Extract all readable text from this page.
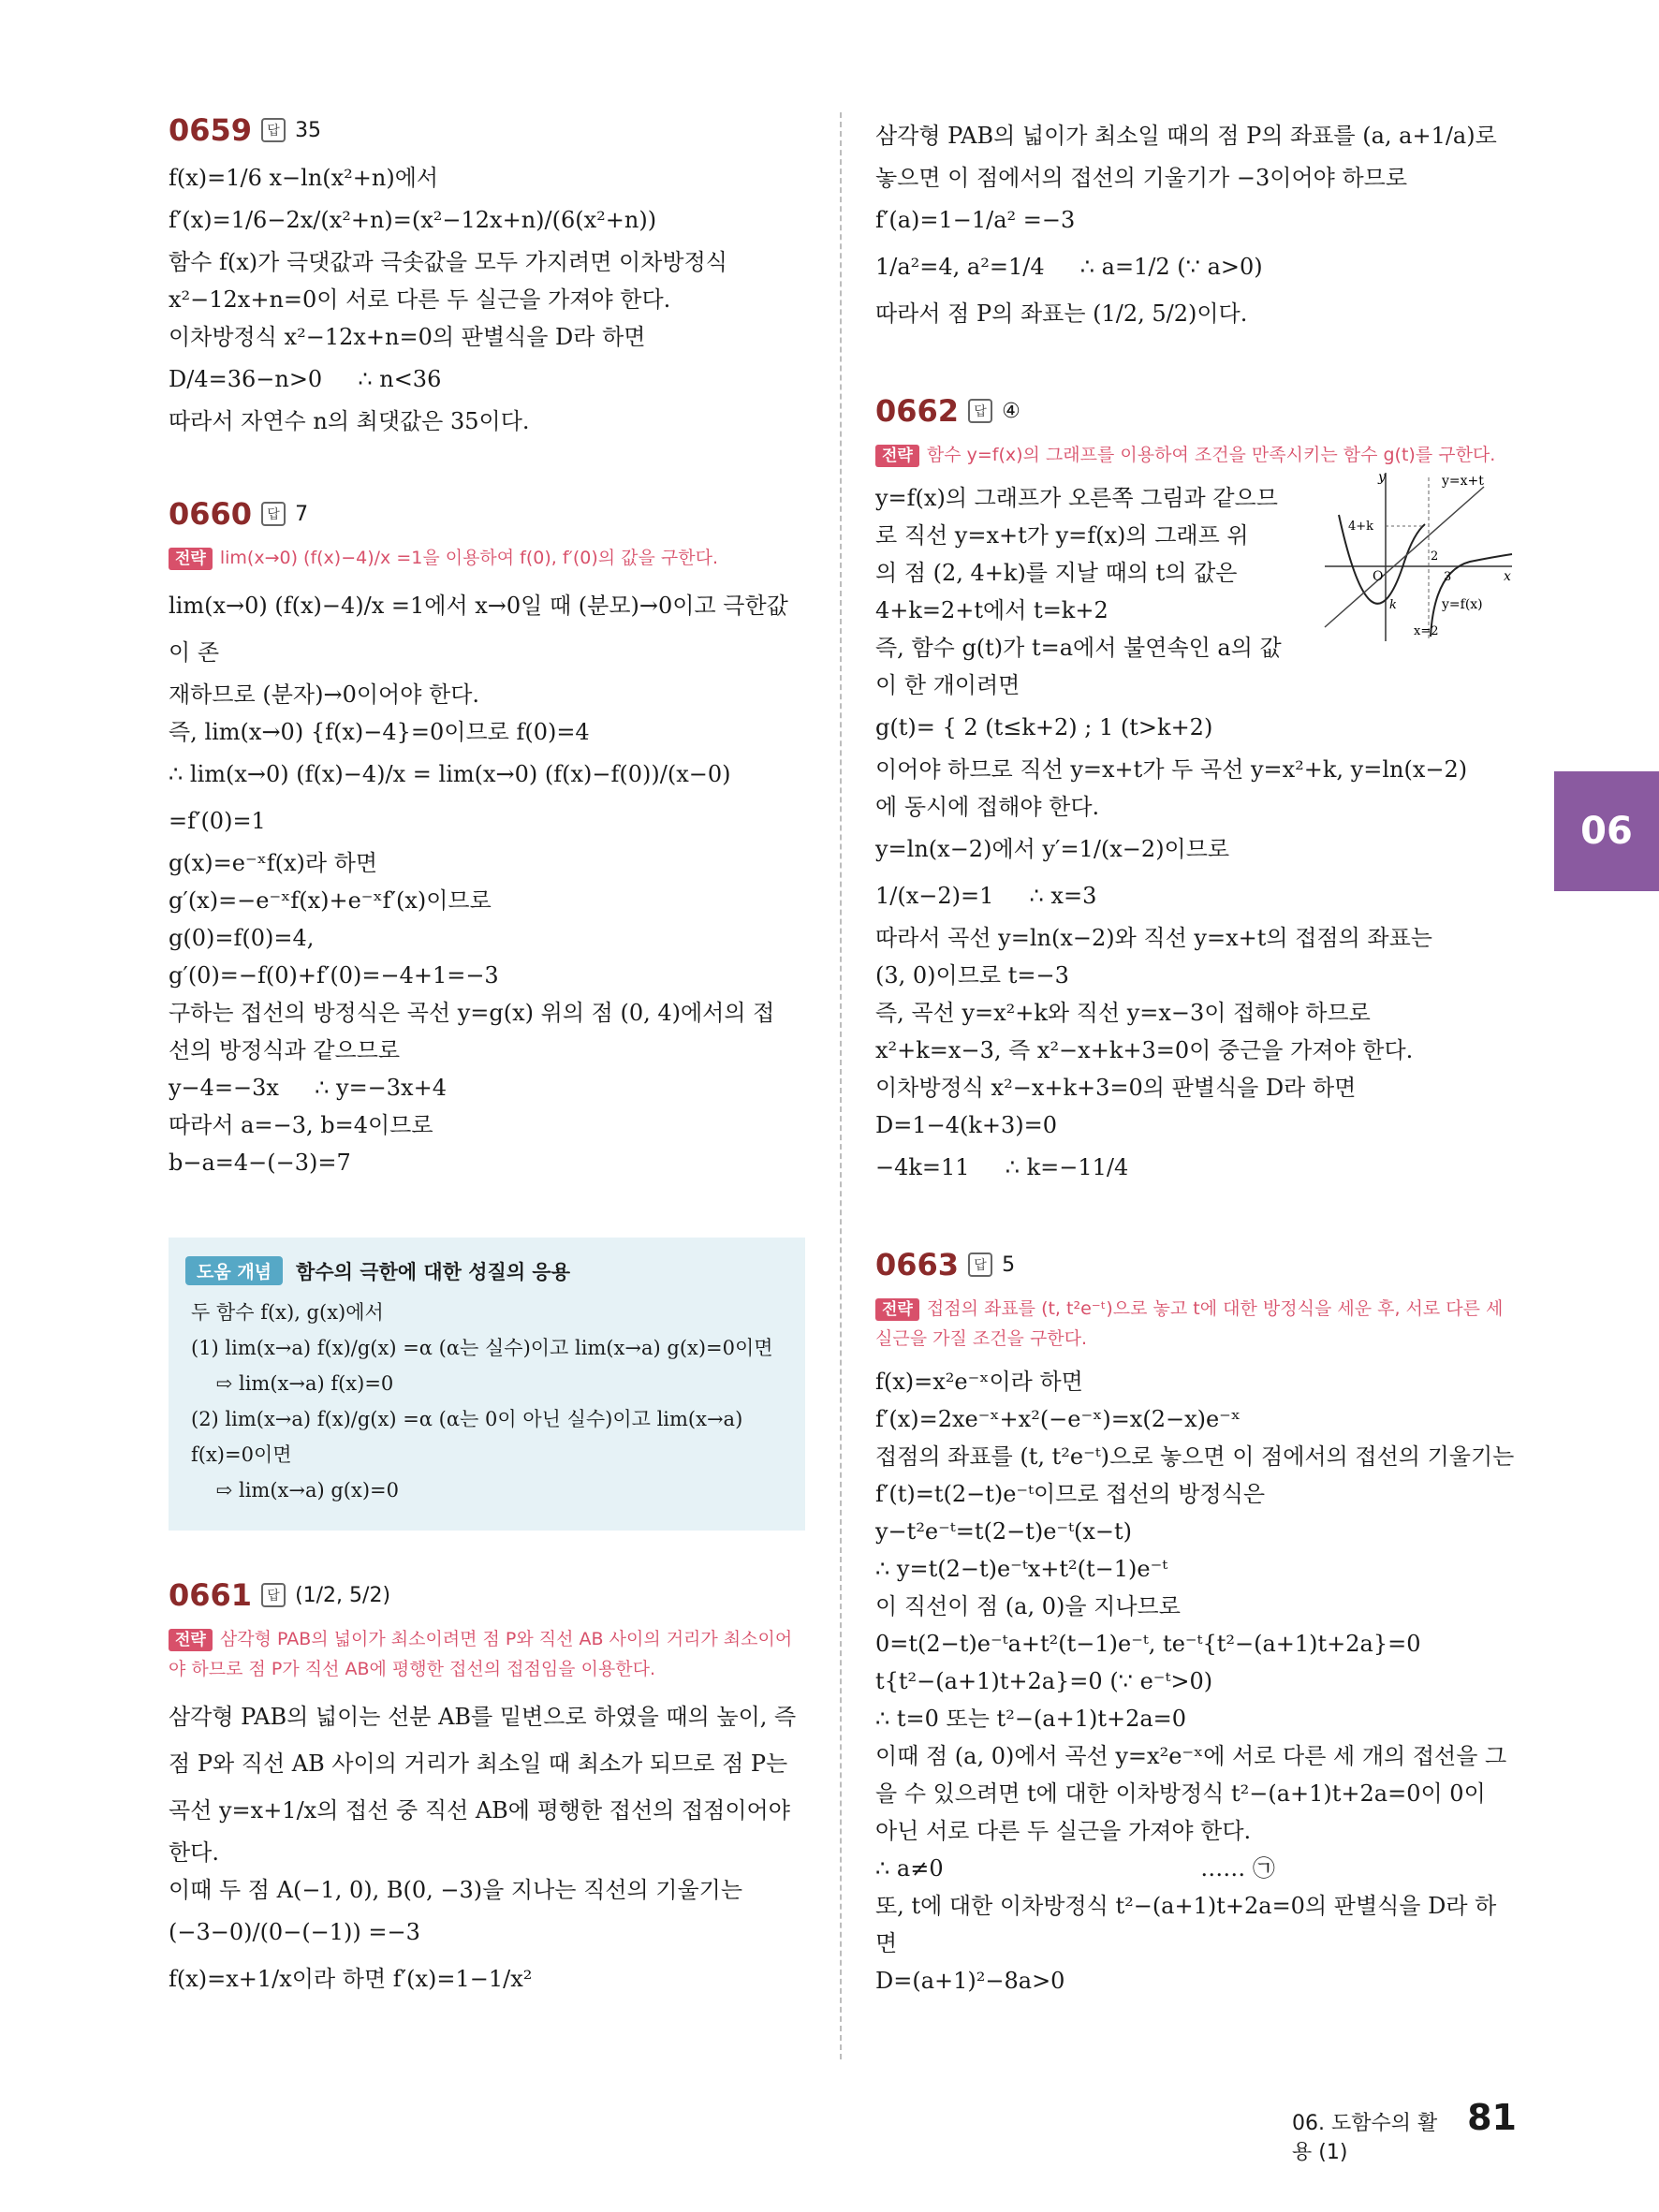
0659	답 35
f(x)=1/6 x−ln(x²+n)에서
f′(x)=1/6−2x/(x²+n)=(x²−12x+n)/(6(x²+n))
함수 f(x)가 극댓값과 극솟값을 모두 가지려면 이차방정식
x²−12x+n=0이 서로 다른 두 실근을 가져야 한다.
이차방정식 x²−12x+n=0의 판별식을 D라 하면
D/4=36−n>0     ∴ n<36
따라서 자연수 n의 최댓값은 35이다.
0660	답 7
전략 lim(x→0) (f(x)−4)/x =1을 이용하여 f(0), f′(0)의 값을 구한다.
lim(x→0) (f(x)−4)/x =1에서 x→0일 때 (분모)→0이고 극한값이 존
재하므로 (분자)→0이어야 한다.
즉, lim(x→0) {f(x)−4}=0이므로 f(0)=4
∴ lim(x→0) (f(x)−4)/x = lim(x→0) (f(x)−f(0))/(x−0) =f′(0)=1
g(x)=e⁻ˣf(x)라 하면
g′(x)=−e⁻ˣf(x)+e⁻ˣf′(x)이므로
g(0)=f(0)=4,
g′(0)=−f(0)+f′(0)=−4+1=−3
구하는 접선의 방정식은 곡선 y=g(x) 위의 점 (0, 4)에서의 접
선의 방정식과 같으므로
y−4=−3x     ∴ y=−3x+4
따라서 a=−3, b=4이므로
b−a=4−(−3)=7
도움 개념	함수의 극한에 대한 성질의 응용
두 함수 f(x), g(x)에서
(1) lim(x→a) f(x)/g(x) =α (α는 실수)이고 lim(x→a) g(x)=0이면
⇨ lim(x→a) f(x)=0
(2) lim(x→a) f(x)/g(x) =α (α는 0이 아닌 실수)이고 lim(x→a) f(x)=0이면
⇨ lim(x→a) g(x)=0
0661	답 (1/2, 5/2)
전략 삼각형 PAB의 넓이가 최소이려면 점 P와 직선 AB 사이의 거리가 최소이어야 하므로 점 P가 직선 AB에 평행한 접선의 접점임을 이용한다.
삼각형 PAB의 넓이는 선분 AB를 밑변으로 하였을 때의 높이, 즉
점 P와 직선 AB 사이의 거리가 최소일 때 최소가 되므로 점 P는
곡선 y=x+1/x의 접선 중 직선 AB에 평행한 접선의 접점이어야
한다.
이때 두 점 A(−1, 0), B(0, −3)을 지나는 직선의 기울기는
(−3−0)/(0−(−1)) =−3
f(x)=x+1/x이라 하면 f′(x)=1−1/x²
삼각형 PAB의 넓이가 최소일 때의 점 P의 좌표를 (a, a+1/a)로
놓으면 이 점에서의 접선의 기울기가 −3이어야 하므로
f′(a)=1−1/a² =−3
1/a²=4, a²=1/4     ∴ a=1/2 (∵ a>0)
따라서 점 P의 좌표는 (1/2, 5/2)이다.
0662	답 ④
전략 함수 y=f(x)의 그래프를 이용하여 조건을 만족시키는 함수 g(t)를 구한다.
y=f(x)의 그래프가 오른쪽 그림과 같으므
로 직선 y=x+t가 y=f(x)의 그래프 위
의 점 (2, 4+k)를 지날 때의 t의 값은
4+k=2+t에서 t=k+2
즉, 함수 g(t)가 t=a에서 불연속인 a의 값
이 한 개이려면
y
x
O
y=x+t
y=f(x)
4+k
2
3
k
x=2
g(t)= { 2 (t≤k+2) ; 1 (t>k+2)
이어야 하므로 직선 y=x+t가 두 곡선 y=x²+k, y=ln(x−2)
에 동시에 접해야 한다.
y=ln(x−2)에서 y′=1/(x−2)이므로
1/(x−2)=1     ∴ x=3
따라서 곡선 y=ln(x−2)와 직선 y=x+t의 접점의 좌표는
(3, 0)이므로 t=−3
즉, 곡선 y=x²+k와 직선 y=x−3이 접해야 하므로
x²+k=x−3, 즉 x²−x+k+3=0이 중근을 가져야 한다.
이차방정식 x²−x+k+3=0의 판별식을 D라 하면
D=1−4(k+3)=0
−4k=11     ∴ k=−11/4
0663	답 5
전략 접점의 좌표를 (t, t²e⁻ᵗ)으로 놓고 t에 대한 방정식을 세운 후, 서로 다른 세 실근을 가질 조건을 구한다.
f(x)=x²e⁻ˣ이라 하면
f′(x)=2xe⁻ˣ+x²(−e⁻ˣ)=x(2−x)e⁻ˣ
접점의 좌표를 (t, t²e⁻ᵗ)으로 놓으면 이 점에서의 접선의 기울기는
f′(t)=t(2−t)e⁻ᵗ이므로 접선의 방정식은
y−t²e⁻ᵗ=t(2−t)e⁻ᵗ(x−t)
∴ y=t(2−t)e⁻ᵗx+t²(t−1)e⁻ᵗ
이 직선이 점 (a, 0)을 지나므로
0=t(2−t)e⁻ᵗa+t²(t−1)e⁻ᵗ, te⁻ᵗ{t²−(a+1)t+2a}=0
t{t²−(a+1)t+2a}=0 (∵ e⁻ᵗ>0)
∴ t=0 또는 t²−(a+1)t+2a=0
이때 점 (a, 0)에서 곡선 y=x²e⁻ˣ에 서로 다른 세 개의 접선을 그
을 수 있으려면 t에 대한 이차방정식 t²−(a+1)t+2a=0이 0이
아닌 서로 다른 두 실근을 가져야 한다.
∴ a≠0                                    …… ㉠
또, t에 대한 이차방정식 t²−(a+1)t+2a=0의 판별식을 D라 하면
D=(a+1)²−8a>0
06
06. 도함수의 활용 (1)
81
